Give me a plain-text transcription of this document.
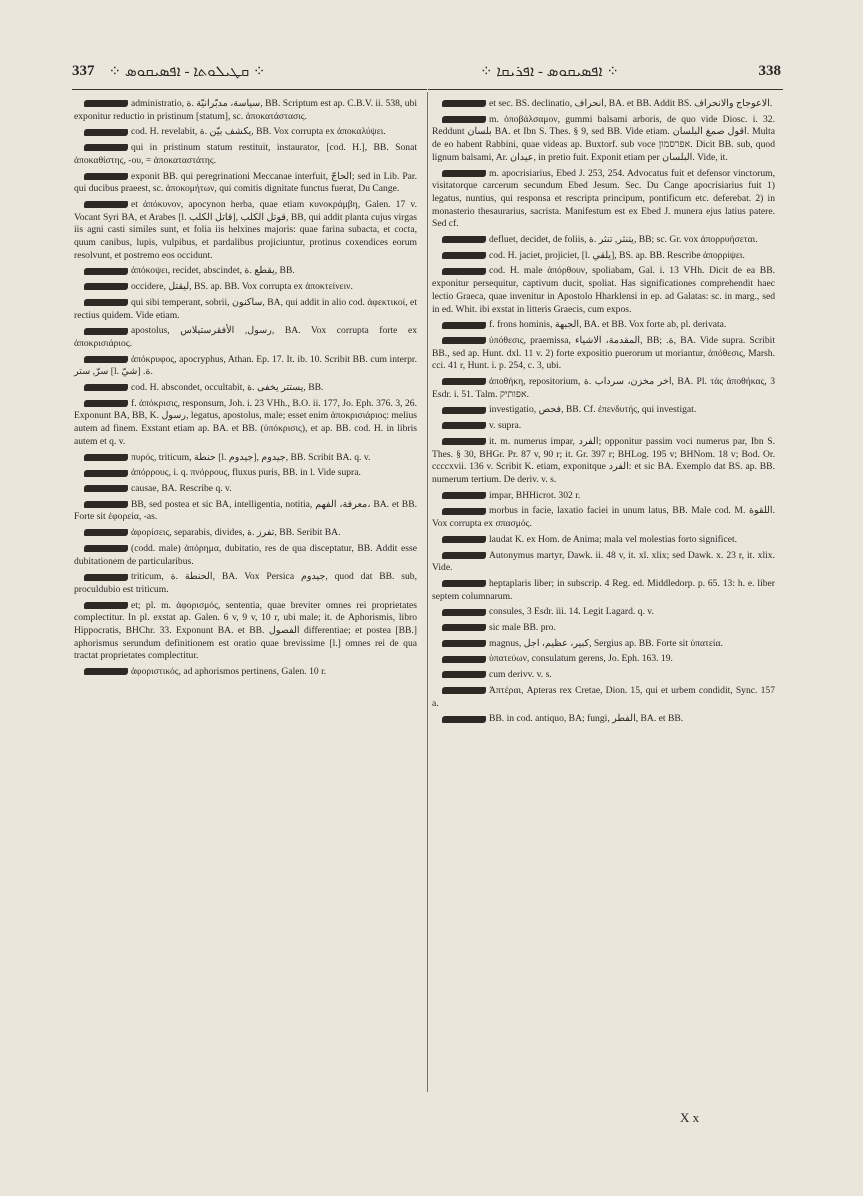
337 ⁘ ܩܛܝܠܘܬܐ - ܐܦܣܝܩܘܣ ⁘	⁘ ܐܦܣܝܩܘܣ - ܐܦܪܝܩܐ ⁘	338

administratio, سياسة، مدبّرانيّة .ة, BB. Scriptum est ap. C.B.V. ii. 538, ubi exponitur reductio in pristinum [statum], sc. ἀποκατάστασις.

cod. H. revelabit, يكشف بيّن .ة, BB. Vox corrupta ex ἀποκαλύψει.

qui in pristinum statum restituit, instaurator, [cod. H.], BB. Sonat ἀποκαθίστης, -ου, = ἀποκαταστάτης.

exponit BB. qui peregrinationi Meccanae interfuit, الحاجّ; sed in Lib. Par. qui ducibus praeest, sc. ἀποκομήτων, qui comitis dignitate functus fuerat, Du Cange.

et ἀπόκυνον, apocynon herba, quae etiam κυνοκράμβη, Galen. 17 v. Vocant Syri BA, et Arabes [l. قاتل الكلب], قوتل الكلب, BB, qui addit planta cujus virgas iis agni casti similes sunt, et folia iis helxines majoris: quae farina subacta, et cocta, quum canibus, lupis, vulpibus, et pardalibus projiciuntur, protinus coxendices eorum resolvunt, et postremo eos occidunt.

ἀπόκοψει, recidet, abscindet, يقطع .ة, BB.

occidere, ليقتل, BS. ap. BB. Vox corrupta ex ἀποκτείνειν.

qui sibi temperant, sobrii, ساكنون, BA, qui addit in alio cod. ἀφεκτικοί, et rectius quidem. Vide etiam.

apostolus, رسول, الأفقرستيلاس, BA. Vox corrupta forte ex ἀποκρισιάριος.

ἀπόκρυφος, apocryphus, Athan. Ep. 17. It. ib. 10. Scribit BB. cum interpr. سرّ, ستر [l. شيّ] .ة.

cod. H. abscondet, occultabit, يستتر يخفى .ة, BB.

f. ἀπόκρισις, responsum, Joh. i. 23 VHh., B.O. ii. 177, Jo. Eph. 376. 3, 26. Exponunt BA, BB, K. رسول, legatus, apostolus, male; esset enim ἀποκρισιάριος: melius autem ad finem. Exstant etiam ap. BA. et BB. (ὑπόκρισις), et ap. BB. cod. H. in libris autem et q. v.

πυρός, triticum, حنطة [l. جيدوم], جيدوم, BB. Scribit BA. q. v.

ἀπόρρους, i. q. πνόρρους, fluxus puris, BB. in l. Vide supra.

causae, BA. Rescribe q. v.

BB, sed postea et sic BA, intelligentia, notitia, معرفة، الفهم، BA. et BB. Forte sit ἐφορεία, -as.

ἀφορίσεις, separabis, divides, تفرز .ة, BB. Seribit BA.

(codd. male) ἀπόρημα, dubitatio, res de qua disceptatur, BB. Addit esse dubitationem de particularibus.

triticum, الحنطة .ة, BA. Vox Persica جيدوم, quod dat BB. sub, proculdubio est triticum.

et; pl. m. ἀφορισμός, sententia, quae breviter omnes rei proprietates complectitur. In pl. exstat ap. Galen. 6 v, 9 v, 10 r, ubi male; it. de Aphorismis, libro Hippocratis, BHChr. 33. Exponunt BA. et BB. الفصول differentiae; et postea [BB.] aphorismus serundum definitionem est oratio quae brevissime [l.] omnes rei de qua tractat proprietates complectitur.

ἀφοριστικός, ad aphorismos pertinens, Galen. 10 r.

et sec. BS. declinatio, انحراف, BA. et BB. Addit BS. الاعوجاج والانحراف.

m. ὀποβάλσαμον, gummi balsami arboris, de quo vide Diosc. i. 32. Reddunt بلسان BA. et Ibn S. Thes. § 9, sed BB. Vide etiam. اقول صمغ البلسان. Multa de eo habent Rabbini, quae videas ap. Buxtorf. sub voce אפרסמון. Dicit BB. sub, quod lignum balsami, Ar. عيدان, in pretio fuit. Exponit etiam per البلسان. Vide, it.

m. apocrisiarius, Ebed J. 253, 254. Advocatus fuit et defensor vinctorum, visitatorque carcerum secundum Ebed Jesum. Sec. Du Cange apocrisiarius fuit 1) legatus, nuntius, qui responsa et rescripta principum, pontificum etc. deferebat. 2) in monasterio thesaurarius, sacrista. Manifestum est ex Ebed J. munera ejus latius patere. Sed cf.

defluet, decidet, de foliis, يتنثر, تنثر .ة, BB; sc. Gr. vox ἀπορρυήσεται.

cod. H. jaciet, projiciet, [l. يلقي], BS. ap. BB. Rescribe ἀπορρίψει.

cod. H. male ἀπόρθουν, spoliabam, Gal. i. 13 VHh. Dicit de ea BB. exponitur persequitur, captivum ducit, spoliat. Has significationes comprehendit haec lectio Graeca, quae invenitur in Apostolo Hharklensi in ep. ad Galatas: sc. in marg., sed in ed. Whit. ibi exstat in litteris Graecis, cum expos.

f. frons hominis, الجبهة, BA. et BB. Vox forte ab, pl. derivata.

ὑπόθεσις, praemissa, المقدمة، الاشياء, BB; .ة, BA. Vide supra. Scribit BB., sed ap. Hunt. dxl. 11 v. 2) forte expositio puerorum ut moriantur, ἀπόθεσις, Marsh. cci. 41 r, Hunt. i. p. 254, c. 3, ubi.

ἀποθήκη, repositorium, اخر مخزن، سرداب .ة, BA. Pl. τὰς ἀποθήκας, 3 Esdr. i. 51. Talm. אפותיק.

investigatio, فحص, BB. Cf. ἐπενδυτής, qui investigat.

v. supra.

it. m. numerus impar, الفرد; opponitur passim voci numerus par, Ibn S. Thes. § 30, BHGr. Pr. 87 v, 90 r; it. Gr. 397 r; BHLog. 195 v; BHNom. 18 v; Bod. Or. ccccxvii. 136 v. Scribit K. etiam, exponitque الفرد: et sic BA. Exemplo dat BS. ap. BB. numerum tertium. De deriv. v. s.

impar, BHHicrot. 302 r.

morbus in facie, laxatio faciei in unum latus, BB. Male cod. M. اللقوة. Vox corrupta ex σπασμός.

laudat K. ex Hom. de Anima; mala vel molestias forto significet.

Autonymus martyr, Dawk. ii. 48 v, it. xl. xlix; sed Dawk. x. 23 r, it. xlix. Vide.

heptaplaris liber; in subscrip. 4 Reg. ed. Middledorp. p. 65. 13: h. e. liber septem columnarum.

consules, 3 Esdr. iii. 14. Legit Lagard. q. v.

sic male BB. pro.

magnus, كبير، عظيم، اجل, Sergius ap. BB. Forte sit ὑπατεία.

ὑπατεύων, consulatum gerens, Jo. Eph. 163. 19.

cum derivv. v. s.

Ἀπτέραι, Apteras rex Cretae, Dion. 15, qui et urbem condidit, Sync. 157 a.

BB. in cod. antiquo, BA; fungi, الفطر, BA. et BB.

X x
